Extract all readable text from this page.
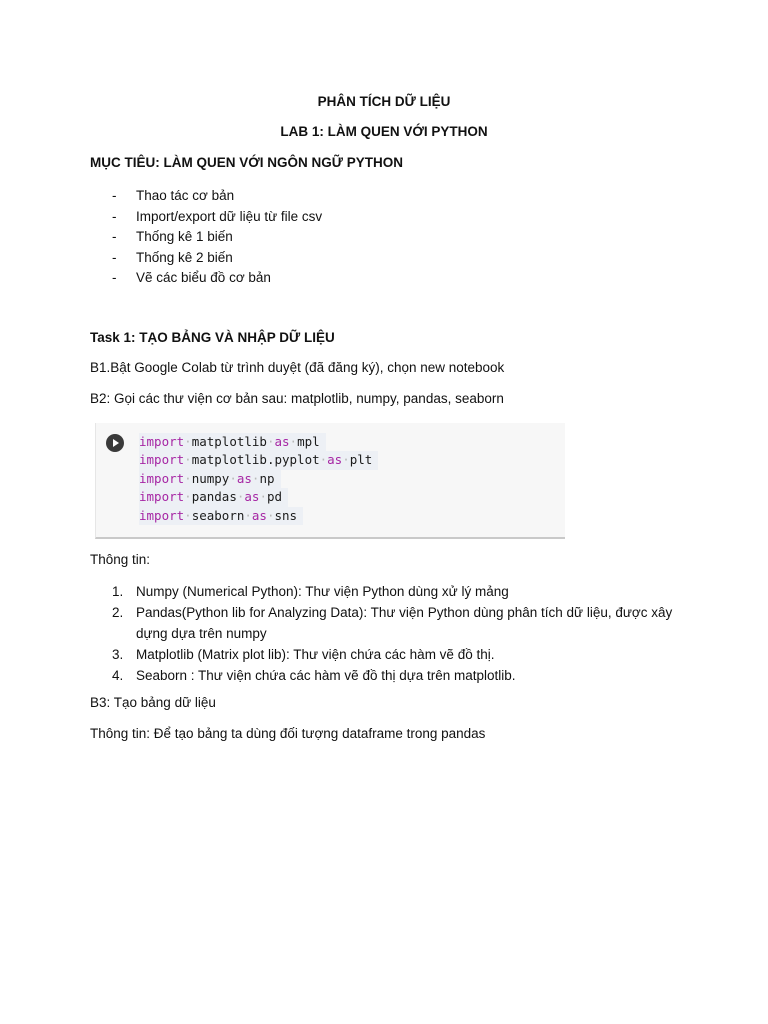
PHÂN TÍCH DỮ LIỆU
LAB 1: LÀM QUEN VỚI PYTHON
MỤC TIÊU: LÀM QUEN VỚI NGÔN NGỮ PYTHON
- Thao tác cơ bản
- Import/export dữ liệu từ file csv
- Thống kê 1 biến
- Thống kê 2 biến
- Vẽ các biểu đồ cơ bản
Task 1: TẠO BẢNG VÀ NHẬP DỮ LIỆU
B1.Bật Google Colab từ trình duyệt (đã đăng ký), chọn new notebook
B2: Gọi các thư viện cơ bản sau: matplotlib, numpy, pandas, seaborn
import·matplotlib·as·mpl
import·matplotlib.pyplot·as·plt
import·numpy·as·np
import·pandas·as·pd
import·seaborn·as·sns
Thông tin:
1. Numpy (Numerical Python): Thư viện Python dùng xử lý mảng
2. Pandas(Python lib for Analyzing Data): Thư viện Python dùng phân tích dữ liệu, được xây dựng dựa trên numpy
3. Matplotlib (Matrix plot lib): Thư viện chứa các hàm vẽ đồ thị.
4. Seaborn : Thư viện chứa các hàm vẽ đồ thị dựa trên matplotlib.
B3: Tạo bảng dữ liệu
Thông tin: Để tạo bảng ta dùng đối tượng dataframe trong pandas
